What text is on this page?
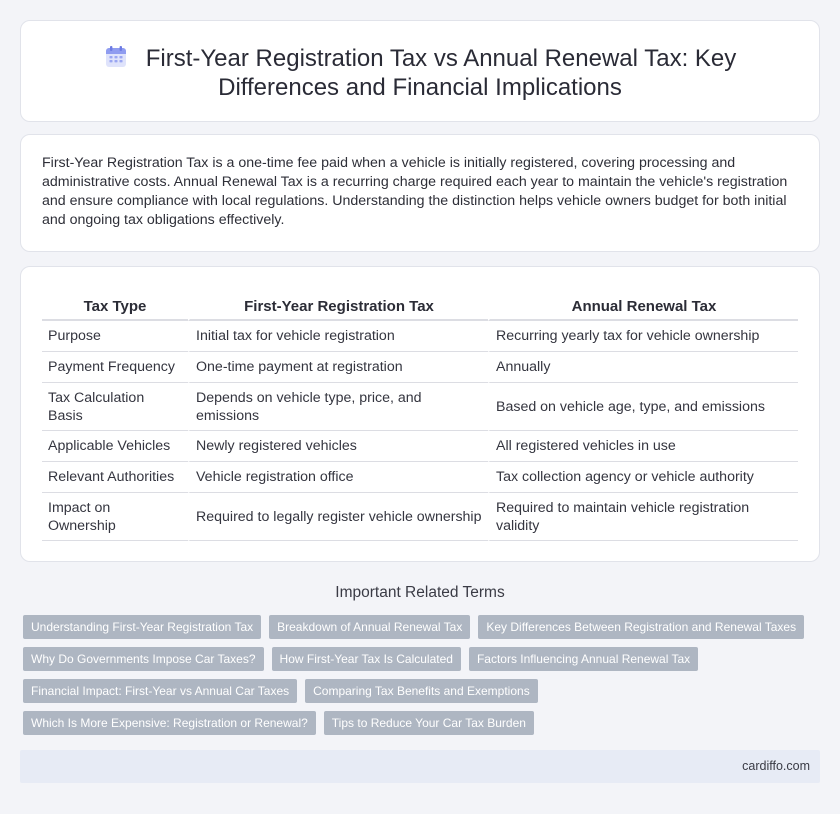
First-Year Registration Tax vs Annual Renewal Tax: Key Differences and Financial Implications

First-Year Registration Tax is a one-time fee paid when a vehicle is initially registered, covering processing and administrative costs. Annual Renewal Tax is a recurring charge required each year to maintain the vehicle's registration and ensure compliance with local regulations. Understanding the distinction helps vehicle owners budget for both initial and ongoing tax obligations effectively.

Tax Type	First-Year Registration Tax	Annual Renewal Tax
Purpose	Initial tax for vehicle registration	Recurring yearly tax for vehicle ownership
Payment Frequency	One-time payment at registration	Annually
Tax Calculation Basis	Depends on vehicle type, price, and emissions	Based on vehicle age, type, and emissions
Applicable Vehicles	Newly registered vehicles	All registered vehicles in use
Relevant Authorities	Vehicle registration office	Tax collection agency or vehicle authority
Impact on Ownership	Required to legally register vehicle ownership	Required to maintain vehicle registration validity
Important Related Terms
Understanding First-Year Registration Tax	Breakdown of Annual Renewal Tax	Key Differences Between Registration and Renewal Taxes
Why Do Governments Impose Car Taxes?	How First-Year Tax Is Calculated	Factors Influencing Annual Renewal Tax
Financial Impact: First-Year vs Annual Car Taxes	Comparing Tax Benefits and Exemptions
Which Is More Expensive: Registration or Renewal?	Tips to Reduce Your Car Tax Burden
cardiffo.com
